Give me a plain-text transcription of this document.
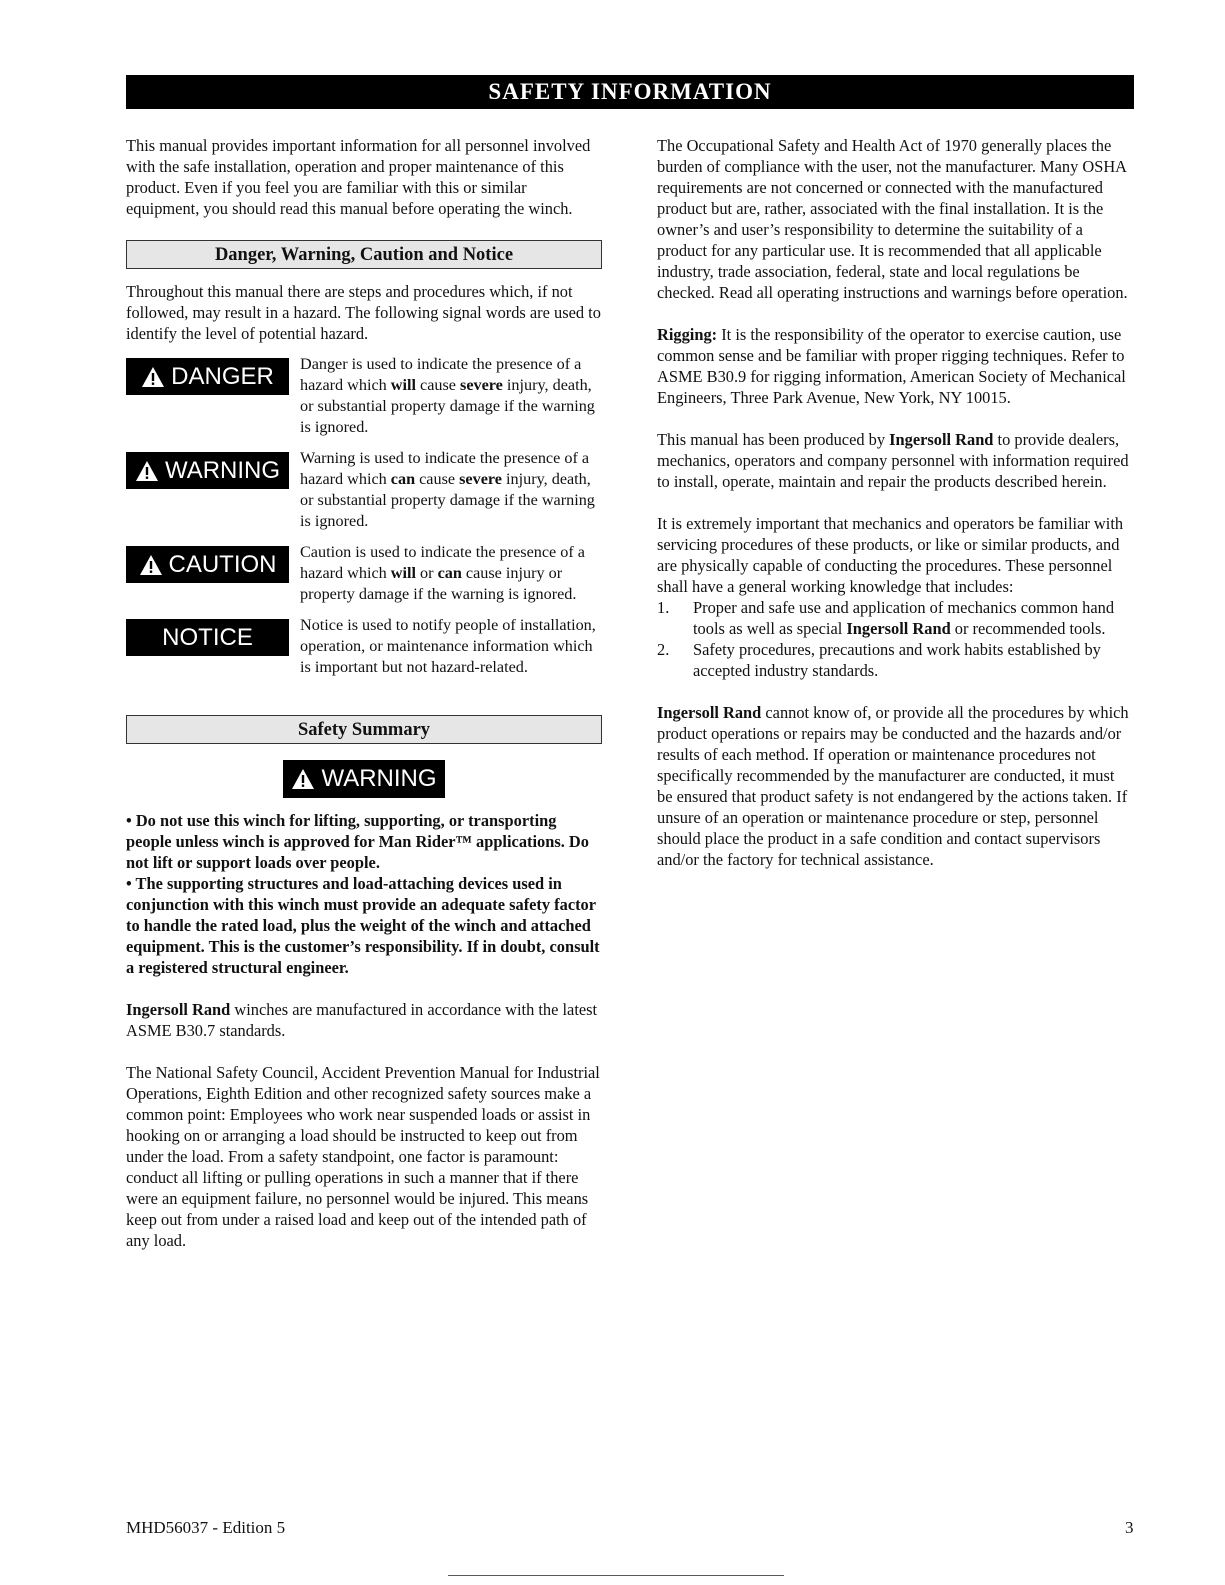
SAFETY INFORMATION

This manual provides important information for all personnel involved with the safe installation, operation and proper maintenance of this product. Even if you feel you are familiar with this or similar equipment, you should read this manual before operating the winch.

Danger, Warning, Caution and Notice

Throughout this manual there are steps and procedures which, if not followed, may result in a hazard. The following signal words are used to identify the level of potential hazard.

DANGER Danger is used to indicate the presence of a hazard which will cause severe injury, death, or substantial property damage if the warning is ignored.

WARNING Warning is used to indicate the presence of a hazard which can cause severe injury, death, or substantial property damage if the warning is ignored.

CAUTION Caution is used to indicate the presence of a hazard which will or can cause injury or property damage if the warning is ignored.

NOTICE	Notice is used to notify people of installation, operation, or maintenance information which is important but not hazard-related.

Safety Summary
WARNING

• Do not use this winch for lifting, supporting, or transporting people unless winch is approved for Man Rider™ applications. Do not lift or support loads over people.

• The supporting structures and load-attaching devices used in conjunction with this winch must provide an adequate safety factor to handle the rated load, plus the weight of the winch and attached equipment. This is the customer’s responsibility. If in doubt, consult a registered structural engineer.

Ingersoll Rand winches are manufactured in accordance with the latest ASME B30.7 standards.

The National Safety Council, Accident Prevention Manual for Industrial Operations, Eighth Edition and other recognized safety sources make a common point: Employees who work near suspended loads or assist in hooking on or arranging a load should be instructed to keep out from under the load. From a safety standpoint, one factor is paramount: conduct all lifting or pulling operations in such a manner that if there were an equipment failure, no personnel would be injured. This means keep out from under a raised load and keep out of the intended path of any load.

The Occupational Safety and Health Act of 1970 generally places the burden of compliance with the user, not the manufacturer. Many OSHA requirements are not concerned or connected with the manufactured product but are, rather, associated with the final installation. It is the owner’s and user’s responsibility to determine the suitability of a product for any particular use. It is recommended that all applicable industry, trade association, federal, state and local regulations be checked. Read all operating instructions and warnings before operation.

Rigging: It is the responsibility of the operator to exercise caution, use common sense and be familiar with proper rigging techniques. Refer to ASME B30.9 for rigging information, American Society of Mechanical Engineers, Three Park Avenue, New York, NY 10015.

This manual has been produced by Ingersoll Rand to provide dealers, mechanics, operators and company personnel with information required to install, operate, maintain and repair the products described herein.

It is extremely important that mechanics and operators be familiar with servicing procedures of these products, or like or similar products, and are physically capable of conducting the procedures. These personnel shall have a general working knowledge that includes:

1.	Proper and safe use and application of mechanics common hand tools as well as special Ingersoll Rand or recommended tools.
2.	Safety procedures, precautions and work habits established by accepted industry standards.

Ingersoll Rand cannot know of, or provide all the procedures by which product operations or repairs may be conducted and the hazards and/or results of each method. If operation or maintenance procedures not specifically recommended by the manufacturer are conducted, it must be ensured that product safety is not endangered by the actions taken. If unsure of an operation or maintenance procedure or step, personnel should place the product in a safe condition and contact supervisors and/or the factory for technical assistance.

MHD56037 - Edition 5	3
